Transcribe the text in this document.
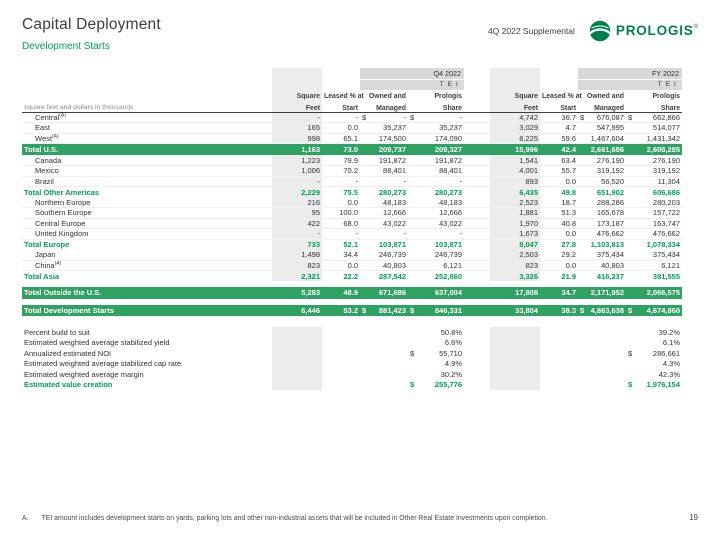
Capital Deployment
Development Starts
4Q 2022 Supplemental	PROLOGIS®
			Q4 2022					FY 2022	
			T E I					T E I	
	Square	Leased % at	Owned and	Prologis		Square	Leased % at	Owned and	Prologis
square feet and dollars in thousands	Feet	Start	Managed	Share		Feet	Start	Managed	Share
Central$^{(A)}$	-	-	$ -	$ -		4,742	36.7	$ 676,087	$ 662,866

East	165	0.0	35,237	35,237		3,029	4.7	547,995	514,077
West$^{(A)}$	998	65.1	174,500	174,090		8,225	59.6	1,467,604	1,431,342
Total U.S.	1,163	73.0	209,737	209,327		15,996	42.4	2,691,686	2,608,285
Canada	1,223	79.9	191,872	191,872		1,541	63.4	276,190	276,190
Mexico	1,006	70.2	88,401	88,401		4,001	55.7	319,192	319,192
Brazil	-	-	-	-		893	0.0	56,520	11,304
Total Other Americas	2,229	75.5	280,273	280,273		6,435	49.8	651,902	606,686
Northern Europe	216	0.0	48,183	48,183		2,523	18.7	288,286	280,203
Southern Europe	95	100.0	12,666	12,666		1,881	51.3	165,678	157,722
Central Europe	422	68.0	43,022	43,022		1,970	40.8	173,187	163,747
United Kingdom	-	-	-	-		1,673	0.0	476,662	476,662
Total Europe	733	52.1	103,871	103,871		8,047	27.8	1,103,813	1,078,334
Japan	1,498	34.4	246,739	246,739		2,503	29.2	375,434	375,434
China$^{(A)}$	823	0.0	40,803	6,121		823	0.0	40,803	6,121
Total Asia	2,321	22.2	287,542	252,860		3,326	21.9	416,237	381,555

Total Outside the U.S.	5,283	48.9	671,686	637,004		17,808	34.7	2,171,952	2,066,575

Total Development Starts	6,446	53.2	$ 881,423	$ 846,331		33,804	38.3	$ 4,863,638	$ 4,674,860

Percent build to suit				50.8%					39.2%
Estimated weighted average stabilized yield				6.6%					6.1%
Annualized estimated NOI				$ 55,710					$ 286,661

Estimated weighted average stabilized cap rate				4.9%					4.3%
Estimated weighted average margin				30.2%					42.3%
Estimated value creation				$ 255,776					$ 1,976,154
A. TEI amount includes development starts on yards, parking lots and other non-industrial assets that will be included in Other Real Estate Investments upon completion.	19
